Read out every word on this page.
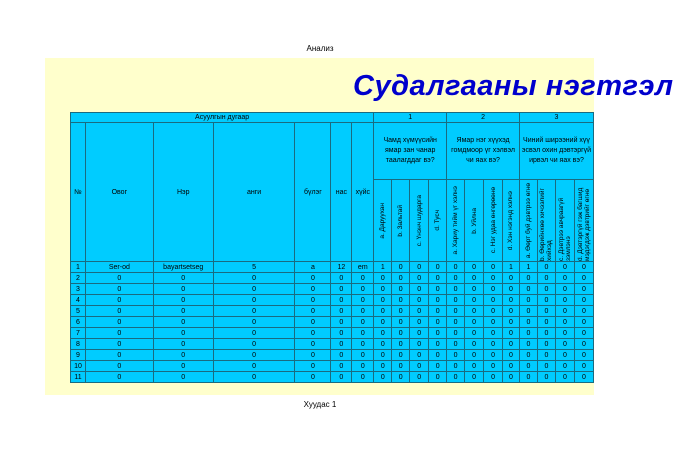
Анализ
Судалгааны нэгтгэл
Асуулгын дугаар							1				2				3			
№	Овог	Нэр	анги	бүлэг	нас	хүйс	Чамд хүмүүсийн ямар зан чанар таалагддаг вэ?				Ямар нэг хүүхэд гомдмоор үг хэлвэл чи яах вэ?				Чиний ширээний хүү эсвэл охин дэвтэргүй ирвэл чи яах вэ?			

							a. Даруухан	b. Зальтай	c. Үнэнч шударга	d. Тусч	a. Хариу тийм үг хэлнэ	b. Уйлна	c. Нэг удаа өнгөрөөнө	d. Хэн нэгэнд хэлнэ	a. Өөрт буй дэвтрээ өгнө	b. Өөрийнхөө хичээлийг хийхэд	c. Дэвтрээ авчраагүй зэмлэнэ	d. Дэвтэргүй гэж багшид мэдэгдэж дэвтрийг өгнө

1	Ser-od	bayartsetseg	5	a	12	em	1	0	0	0	0	0	0	1	1	0	0	0
2	0	0	0	0	0	0	0	0	0	0	0	0	0	0	0	0	0	0
3	0	0	0	0	0	0	0	0	0	0	0	0	0	0	0	0	0	0
4	0	0	0	0	0	0	0	0	0	0	0	0	0	0	0	0	0	0
5	0	0	0	0	0	0	0	0	0	0	0	0	0	0	0	0	0	0
6	0	0	0	0	0	0	0	0	0	0	0	0	0	0	0	0	0	0
7	0	0	0	0	0	0	0	0	0	0	0	0	0	0	0	0	0	0
8	0	0	0	0	0	0	0	0	0	0	0	0	0	0	0	0	0	0
9	0	0	0	0	0	0	0	0	0	0	0	0	0	0	0	0	0	0
10	0	0	0	0	0	0	0	0	0	0	0	0	0	0	0	0	0	0
11	0	0	0	0	0	0	0	0	0	0	0	0	0	0	0	0	0	0
Хуудас 1
